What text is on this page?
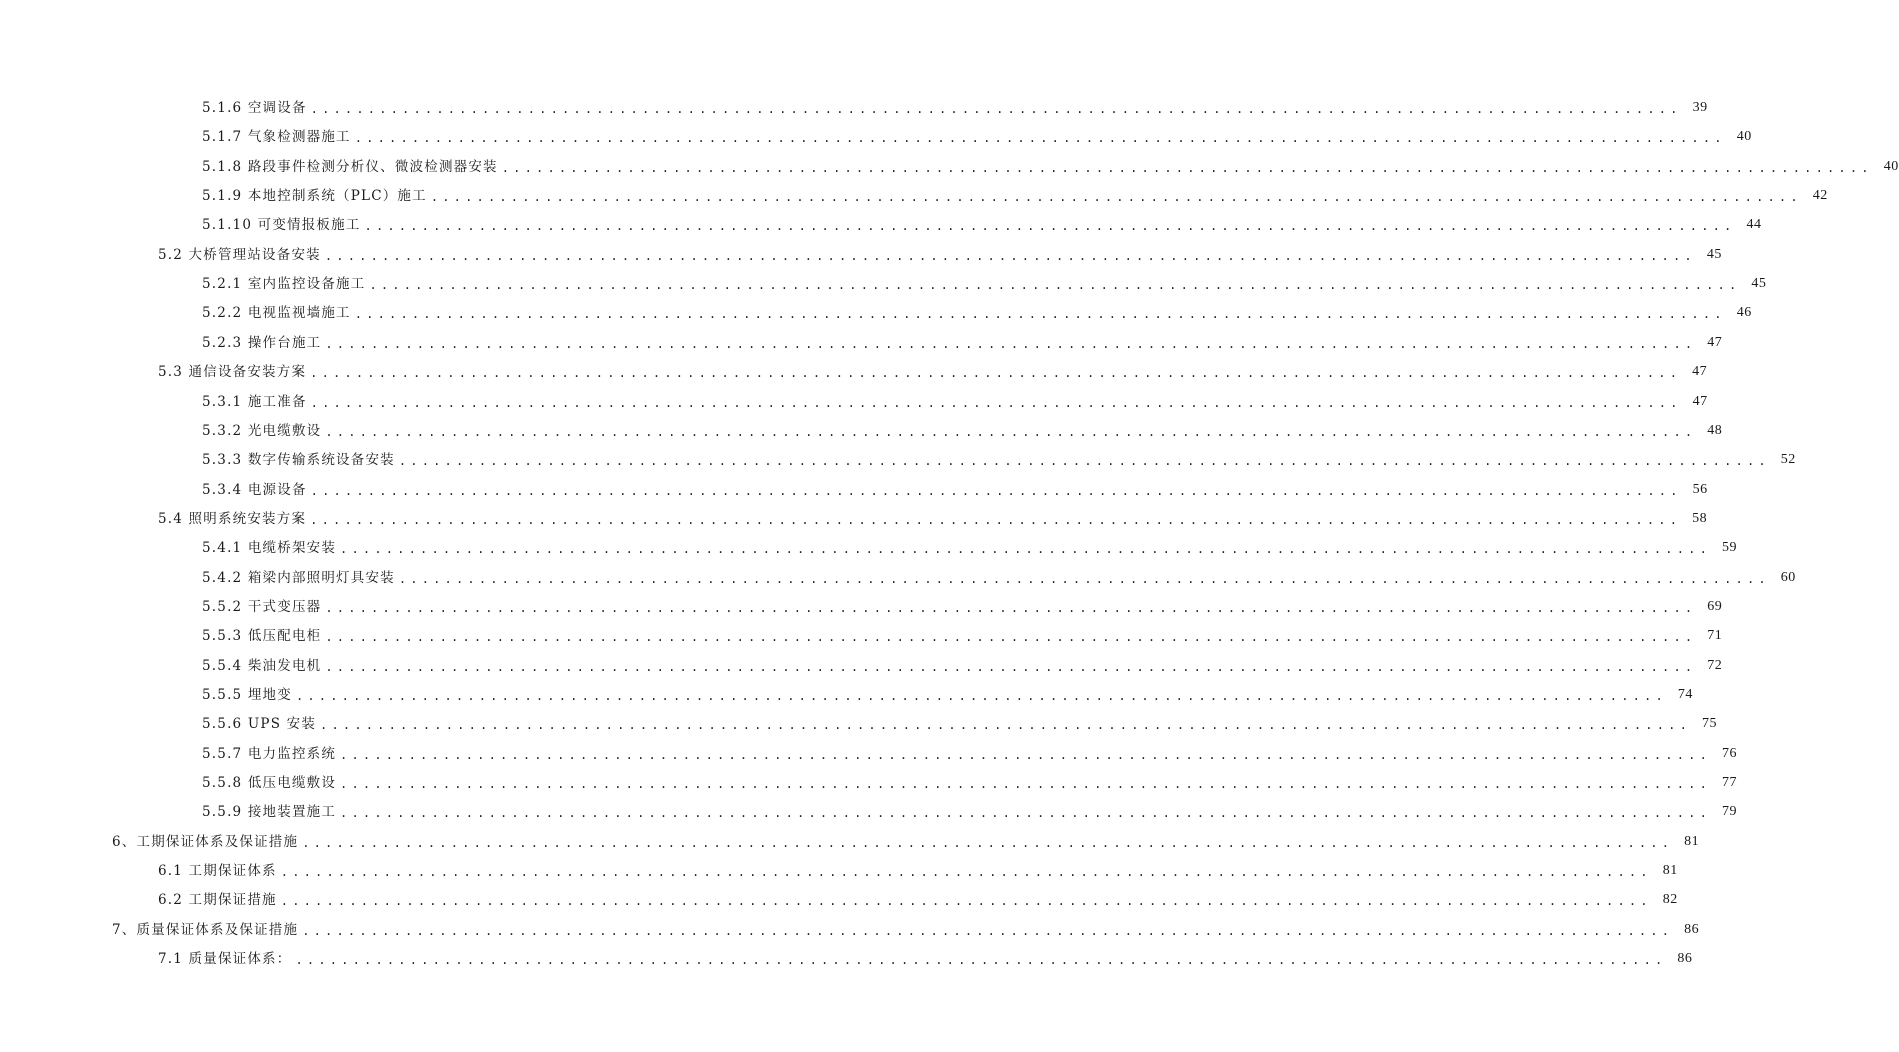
5.1.6 空调设备 ........................................................................................................................ 39
5.1.7 气象检测器施工 ........................................................................................................................ 40
5.1.8 路段事件检测分析仪、微波检测器安装 ........................................................................................................................ 40
5.1.9 本地控制系统（PLC）施工 ........................................................................................................................ 42
5.1.10 可变情报板施工 ........................................................................................................................ 44
5.2 大桥管理站设备安装 ........................................................................................................................ 45
5.2.1 室内监控设备施工 ........................................................................................................................ 45
5.2.2 电视监视墙施工 ........................................................................................................................ 46
5.2.3 操作台施工 ........................................................................................................................ 47
5.3 通信设备安装方案 ........................................................................................................................ 47
5.3.1 施工准备 ........................................................................................................................ 47
5.3.2 光电缆敷设 ........................................................................................................................ 48
5.3.3 数字传输系统设备安装 ........................................................................................................................ 52
5.3.4 电源设备 ........................................................................................................................ 56
5.4 照明系统安装方案 ........................................................................................................................ 58
5.4.1 电缆桥架安装 ........................................................................................................................ 59
5.4.2 箱梁内部照明灯具安装 ........................................................................................................................ 60
5.5.2 干式变压器 ........................................................................................................................ 69
5.5.3 低压配电柜 ........................................................................................................................ 71
5.5.4 柴油发电机 ........................................................................................................................ 72
5.5.5 埋地变 ........................................................................................................................ 74
5.5.6 UPS 安装 ........................................................................................................................ 75
5.5.7 电力监控系统 ........................................................................................................................ 76
5.5.8 低压电缆敷设 ........................................................................................................................ 77
5.5.9 接地装置施工 ........................................................................................................................ 79
6、工期保证体系及保证措施 ........................................................................................................................ 81
6.1 工期保证体系 ........................................................................................................................ 81
6.2 工期保证措施 ........................................................................................................................ 82
7、质量保证体系及保证措施 ........................................................................................................................ 86
7.1 质量保证体系： ........................................................................................................................ 86
